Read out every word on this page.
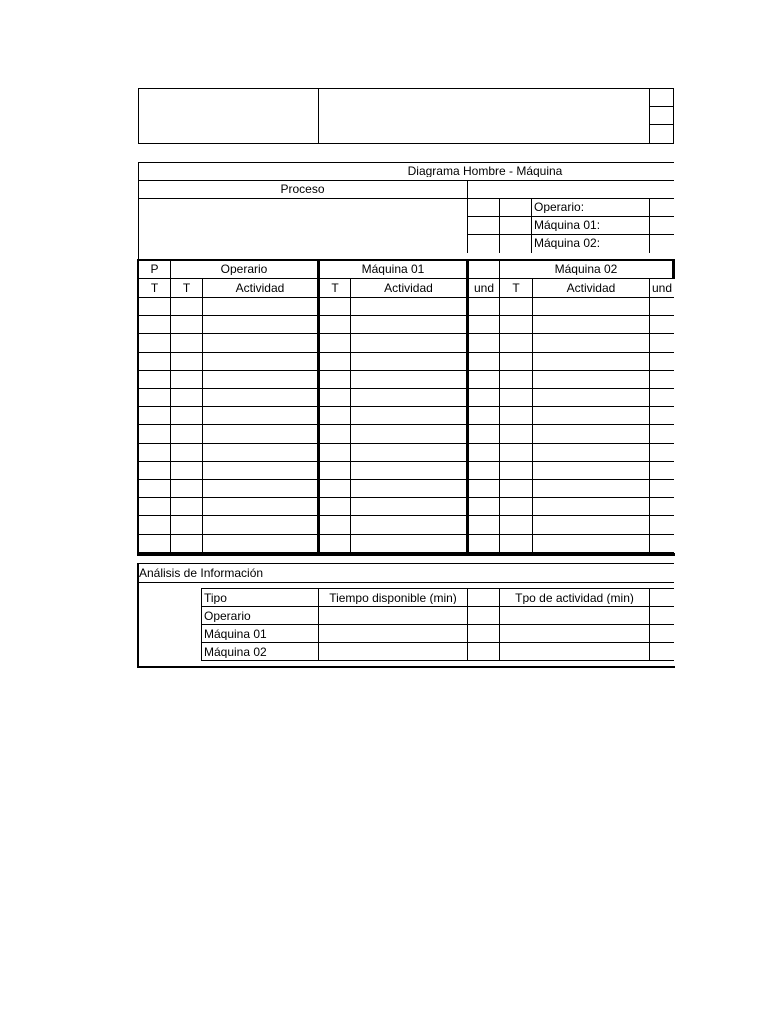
Diagrama Hombre - Máquina
Proceso
Operario:
Máquina 01:
Máquina 02:
P	Operario	Máquina 01	Máquina 02
T	T	Actividad	T	Actividad	und	T	Actividad	und
Análisis de Información
Tipo	Tiempo disponible (min)	Tpo de actividad (min)
Operario
Máquina 01
Máquina 02
